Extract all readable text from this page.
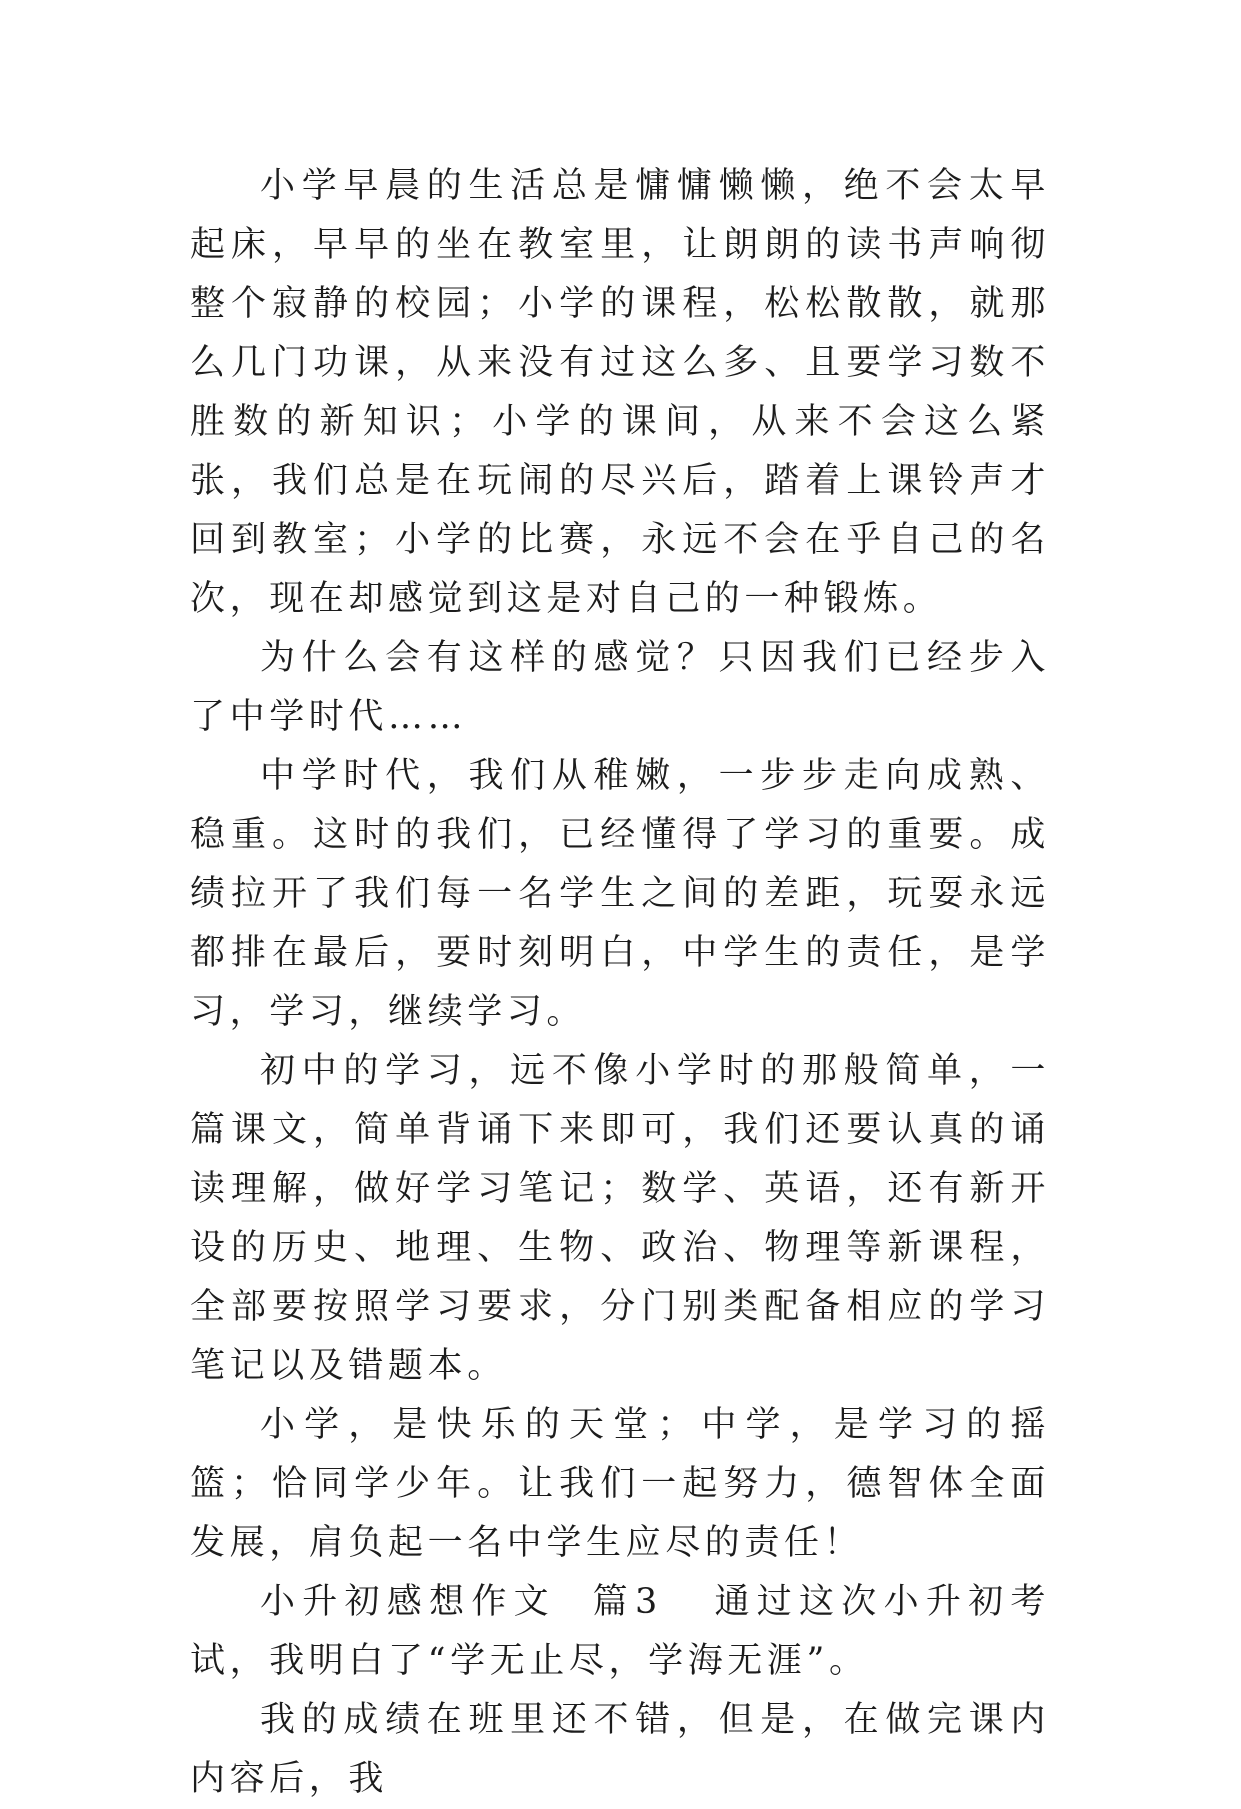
小学早晨的生活总是慵慵懒懒，绝不会太早起床，早早的坐在教室里，让朗朗的读书声响彻整个寂静的校园；小学的课程，松松散散，就那么几门功课，从来没有过这么多、且要学习数不胜数的新知识；小学的课间，从来不会这么紧张，我们总是在玩闹的尽兴后，踏着上课铃声才回到教室；小学的比赛，永远不会在乎自己的名次，现在却感觉到这是对自己的一种锻炼。

为什么会有这样的感觉？只因我们已经步入了中学时代……

中学时代，我们从稚嫩，一步步走向成熟、稳重。这时的我们，已经懂得了学习的重要。成绩拉开了我们每一名学生之间的差距，玩耍永远都排在最后，要时刻明白，中学生的责任，是学习，学习，继续学习。

初中的学习，远不像小学时的那般简单，一篇课文，简单背诵下来即可，我们还要认真的诵读理解，做好学习笔记；数学、英语，还有新开设的历史、地理、生物、政治、物理等新课程，全部要按照学习要求，分门别类配备相应的学习笔记以及错题本。

小学，是快乐的天堂；中学，是学习的摇篮；恰同学少年。让我们一起努力，德智体全面发展，肩负起一名中学生应尽的责任！

小升初感想作文  篇3 通过这次小升初考试，我明白了“学无止尽，学海无涯”。

我的成绩在班里还不错，但是，在做完课内内容后，我
